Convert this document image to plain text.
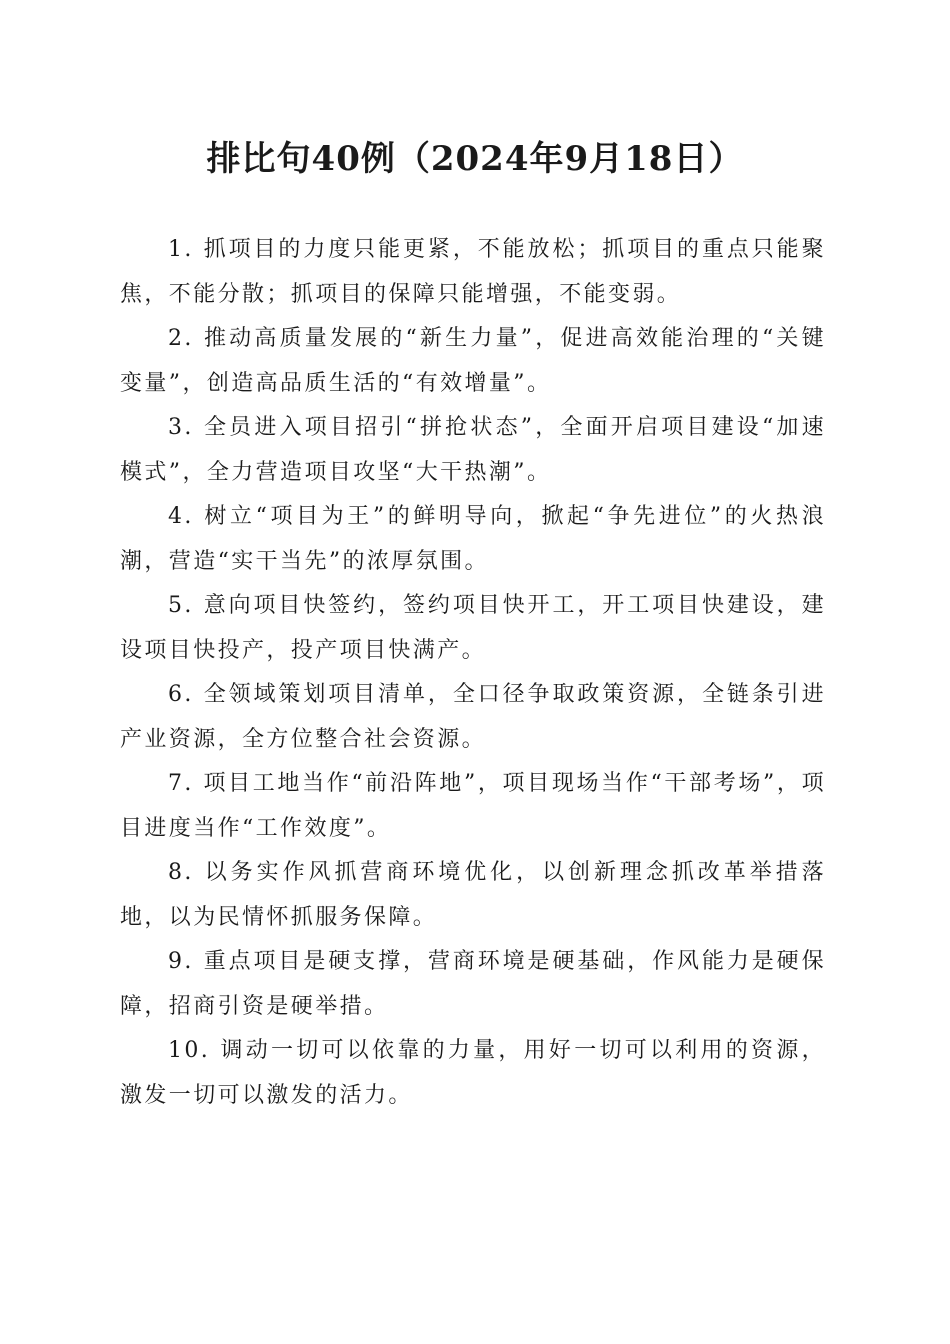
排比句40例（2024年9月18日）

1. 抓项目的力度只能更紧，不能放松；抓项目的重点只能聚焦，不能分散；抓项目的保障只能增强，不能变弱。

2. 推动高质量发展的“新生力量”，促进高效能治理的“关键变量”，创造高品质生活的“有效增量”。

3. 全员进入项目招引“拼抢状态”，全面开启项目建设“加速模式”，全力营造项目攻坚“大干热潮”。

4. 树立“项目为王”的鲜明导向，掀起“争先进位”的火热浪潮，营造“实干当先”的浓厚氛围。

5. 意向项目快签约，签约项目快开工，开工项目快建设，建设项目快投产，投产项目快满产。

6. 全领域策划项目清单，全口径争取政策资源，全链条引进产业资源，全方位整合社会资源。

7. 项目工地当作“前沿阵地”，项目现场当作“干部考场”，项目进度当作“工作效度”。

8. 以务实作风抓营商环境优化，以创新理念抓改革举措落地，以为民情怀抓服务保障。

9. 重点项目是硬支撑，营商环境是硬基础，作风能力是硬保障，招商引资是硬举措。

10. 调动一切可以依靠的力量，用好一切可以利用的资源，激发一切可以激发的活力。
